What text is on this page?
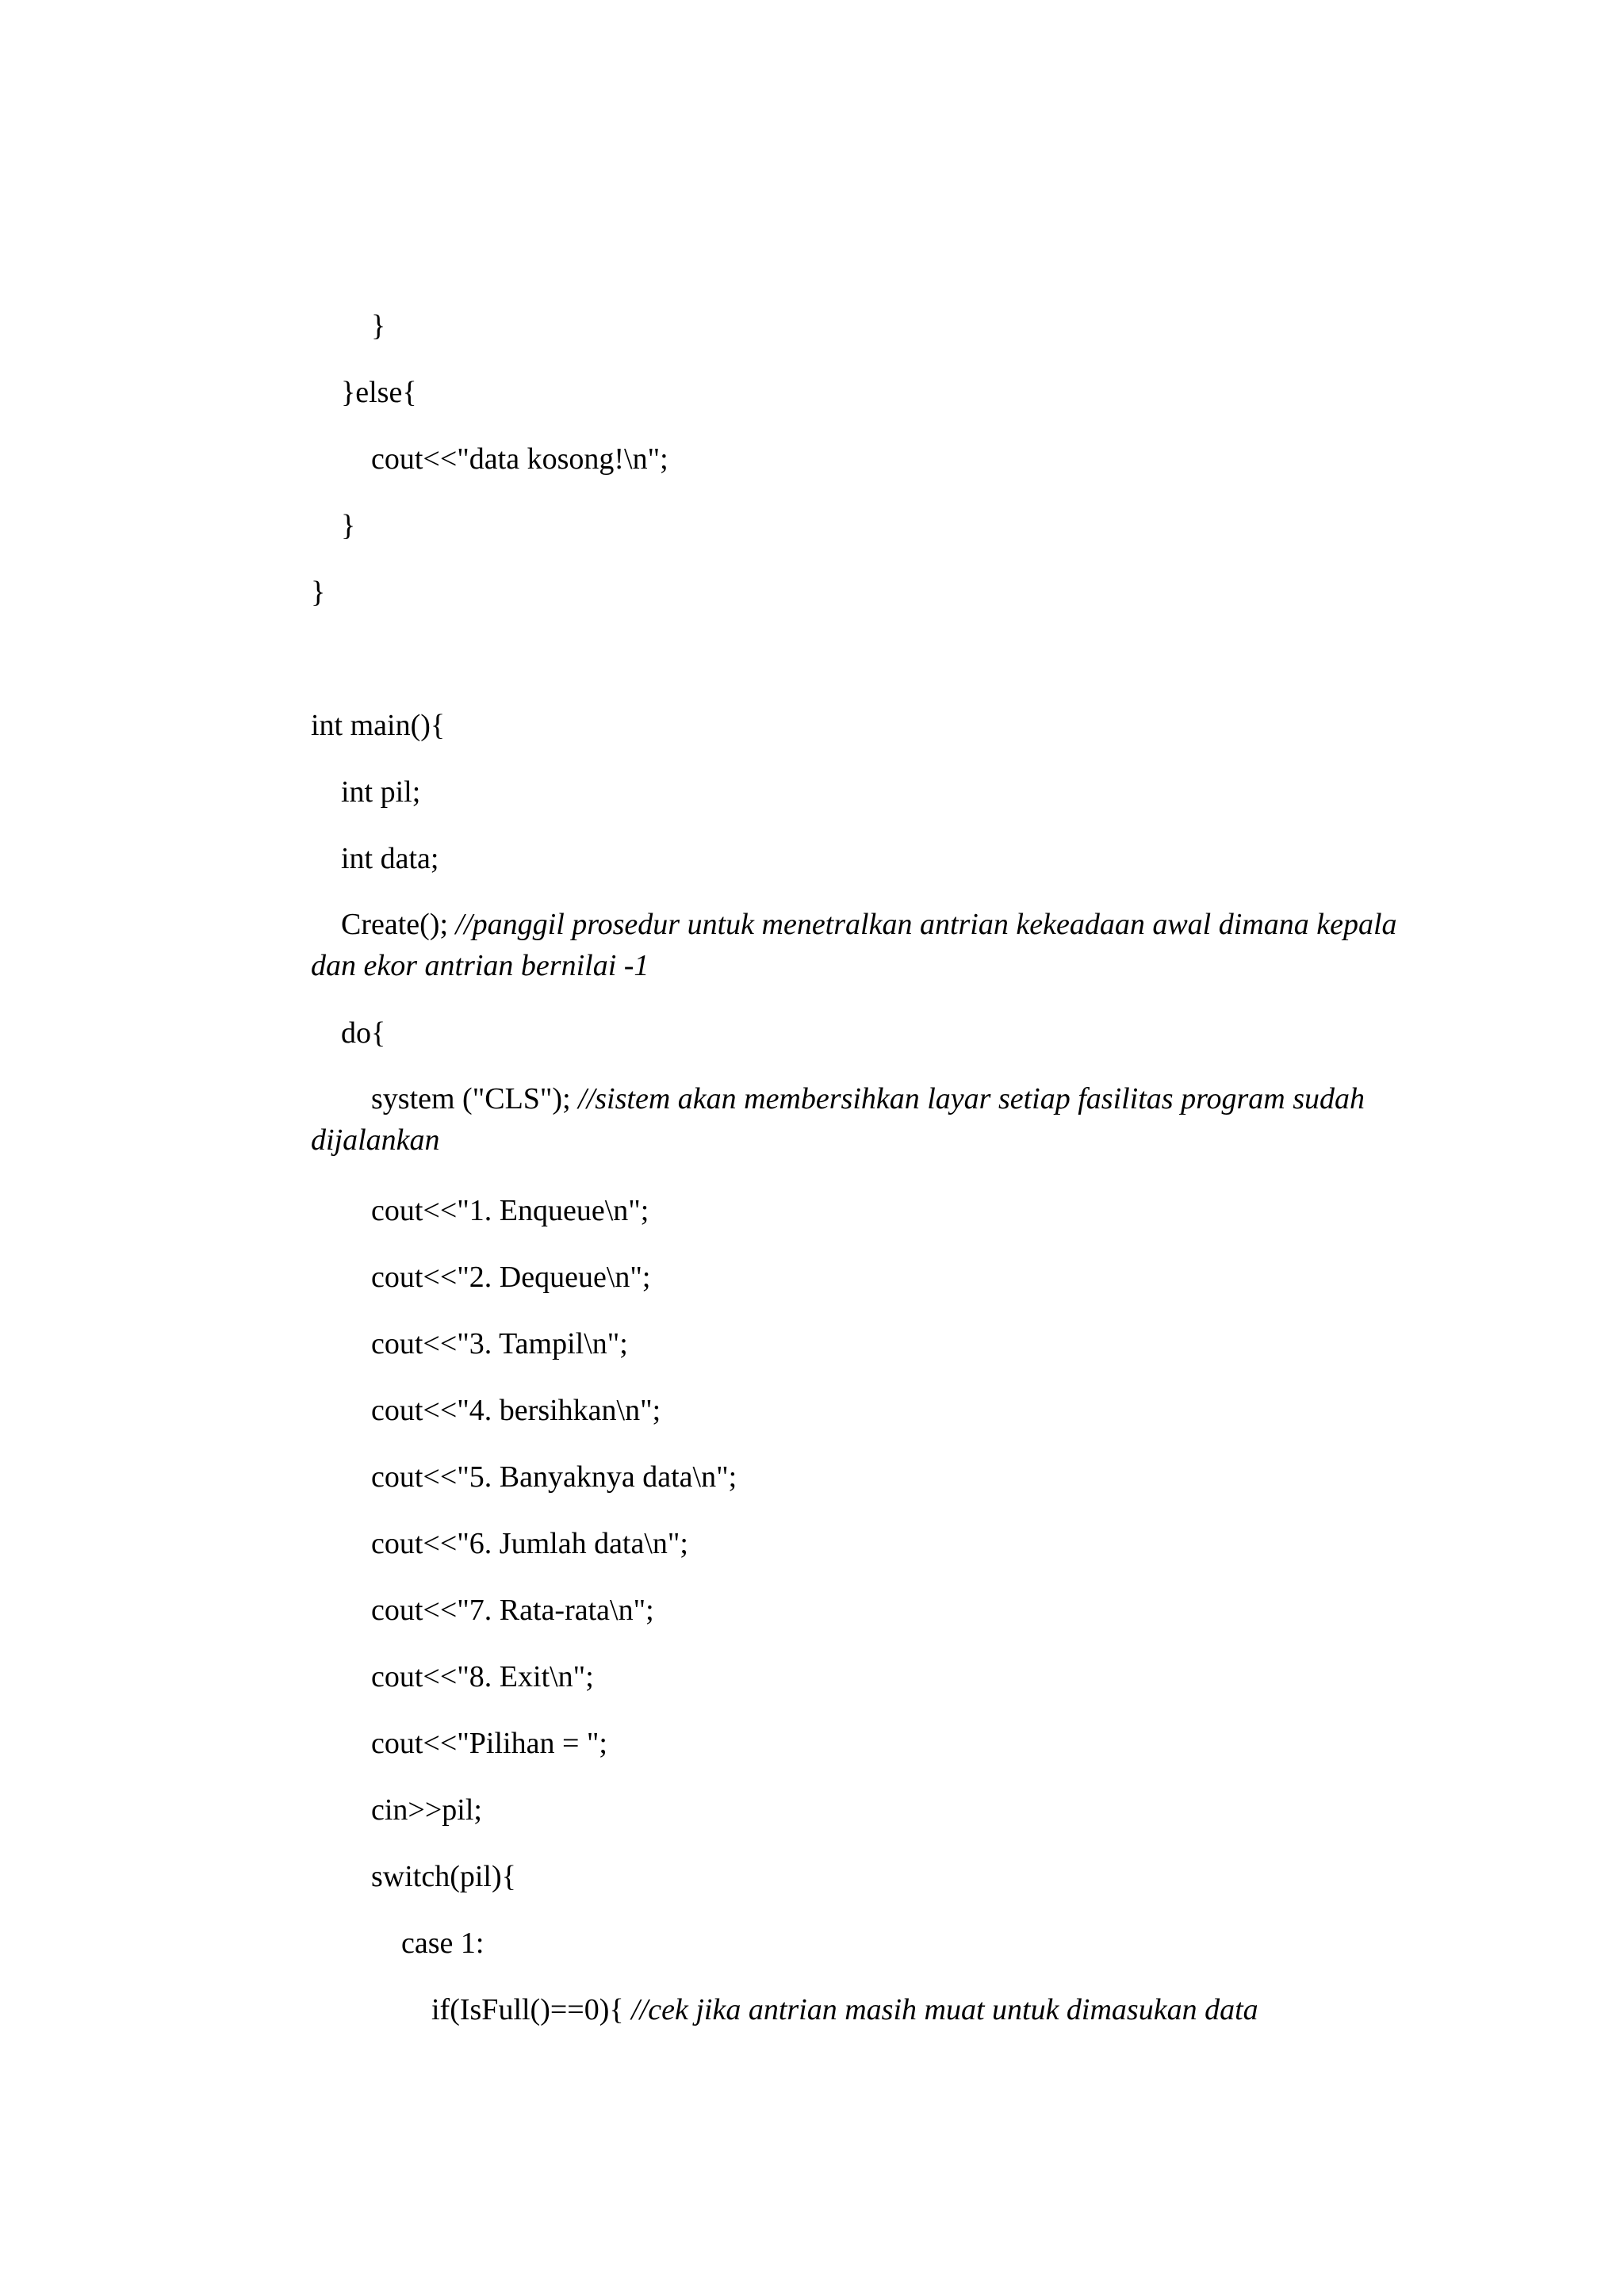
}
}else{
cout<<"data kosong!\n";
}
}
int main(){
int pil;
int data;
Create(); //panggil prosedur untuk menetralkan antrian kekeadaan awal dimana kepala dan ekor antrian bernilai -1
do{
system ("CLS"); //sistem akan membersihkan layar setiap fasilitas program sudah dijalankan
cout<<"1. Enqueue\n";
cout<<"2. Dequeue\n";
cout<<"3. Tampil\n";
cout<<"4. bersihkan\n";
cout<<"5. Banyaknya data\n";
cout<<"6. Jumlah data\n";
cout<<"7. Rata-rata\n";
cout<<"8. Exit\n";
cout<<"Pilihan = ";
cin>>pil;
switch(pil){
case 1:
if(IsFull()==0){ //cek jika antrian masih muat untuk dimasukan data
